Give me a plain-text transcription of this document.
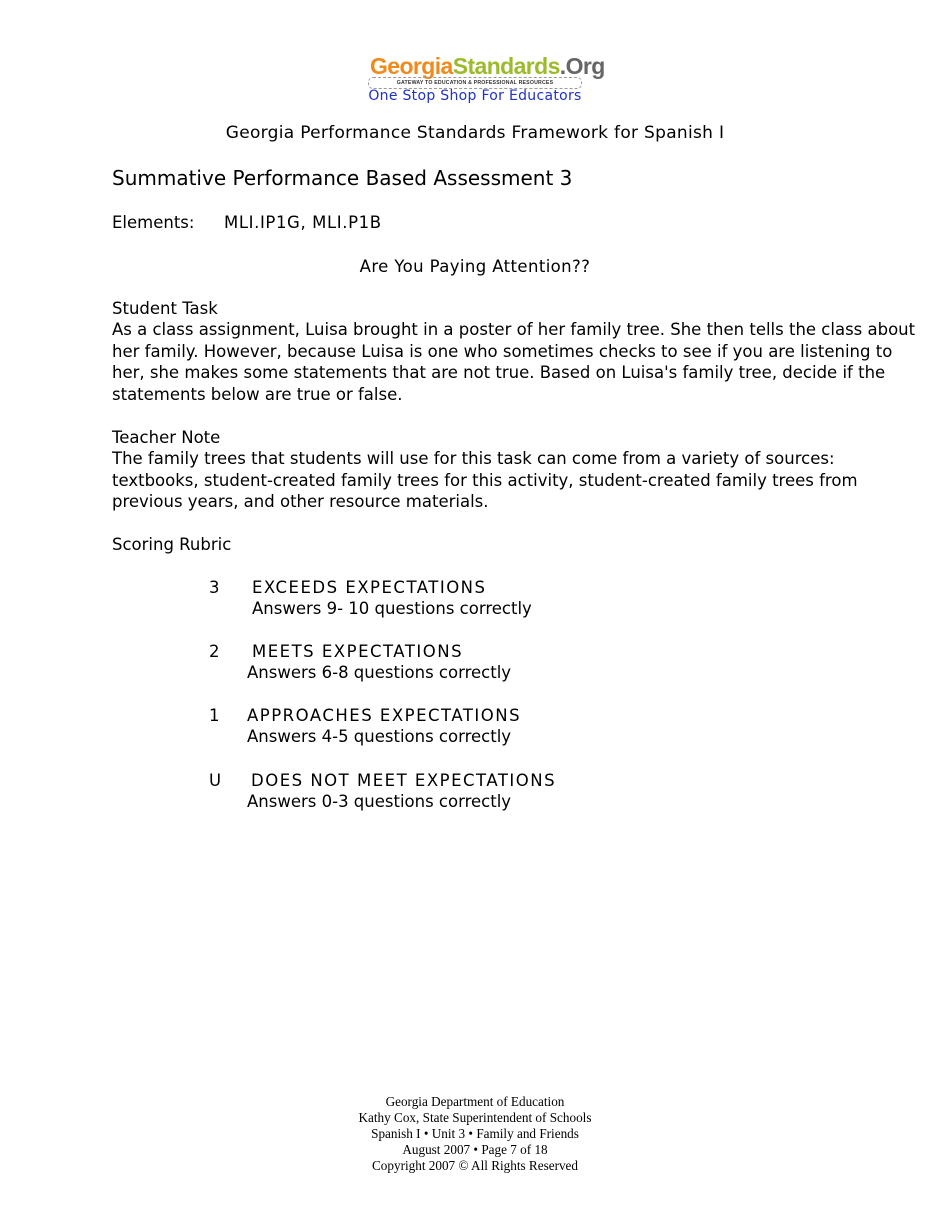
GeorgiaStandards.Org
GATEWAY TO EDUCATION & PROFESSIONAL RESOURCES
One Stop Shop For Educators
Georgia Performance Standards Framework for Spanish I
Summative Performance Based Assessment 3
Elements: MLI.IP1G, MLI.P1B
Are You Paying Attention??
Student Task
As a class assignment, Luisa brought in a poster of her family tree. She then tells the class about
her family. However, because Luisa is one who sometimes checks to see if you are listening to
her, she makes some statements that are not true. Based on Luisa's family tree, decide if the
statements below are true or false.
Teacher Note
The family trees that students will use for this task can come from a variety of sources:
textbooks, student-created family trees for this activity, student-created family trees from
previous years, and other resource materials.
Scoring Rubric
3 EXCEEDS EXPECTATIONS
Answers 9- 10 questions correctly
2 MEETS EXPECTATIONS
Answers 6-8 questions correctly
1 APPROACHES EXPECTATIONS
Answers 4-5 questions correctly
U DOES NOT MEET EXPECTATIONS
Answers 0-3 questions correctly
Georgia Department of Education
Kathy Cox, State Superintendent of Schools
Spanish I • Unit 3 • Family and Friends
August 2007 • Page 7 of 18
Copyright 2007 © All Rights Reserved
